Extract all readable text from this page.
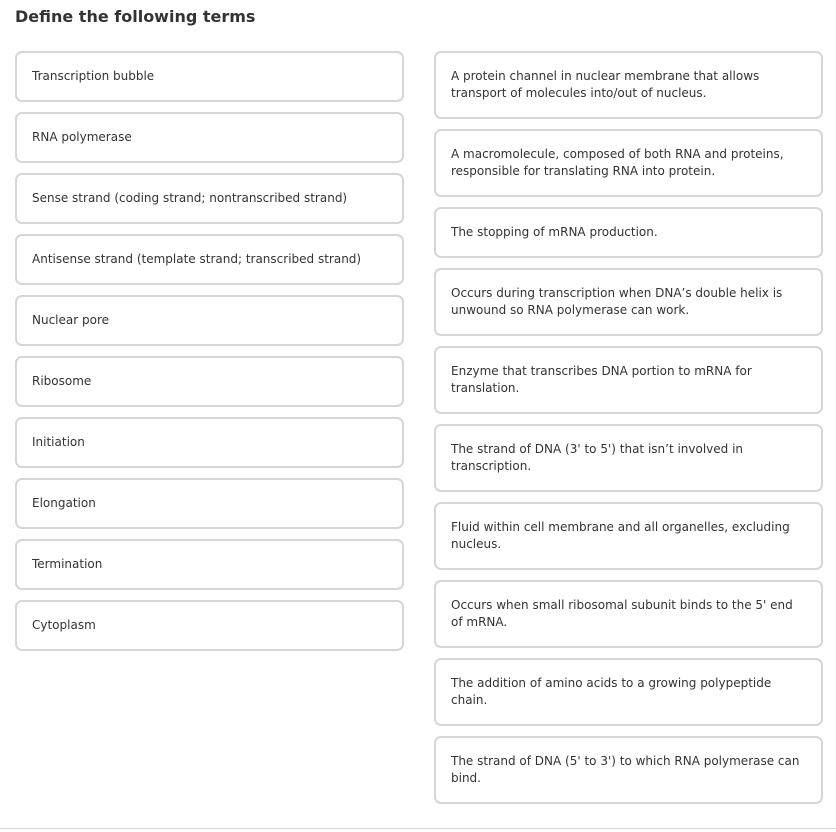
Define the following terms
Transcription bubble
RNA polymerase
Sense strand (coding strand; nontranscribed strand)
Antisense strand (template strand; transcribed strand)
Nuclear pore
Ribosome
Initiation
Elongation
Termination
Cytoplasm
A protein channel in nuclear membrane that allows transport of molecules into/out of nucleus.
A macromolecule, composed of both RNA and proteins, responsible for translating RNA into protein.
The stopping of mRNA production.
Occurs during transcription when DNA’s double helix is unwound so RNA polymerase can work.
Enzyme that transcribes DNA portion to mRNA for translation.
The strand of DNA (3' to 5') that isn’t involved in transcription.
Fluid within cell membrane and all organelles, excluding nucleus.
Occurs when small ribosomal subunit binds to the 5' end of mRNA.
The addition of amino acids to a growing polypeptide chain.
The strand of DNA (5' to 3') to which RNA polymerase can bind.
